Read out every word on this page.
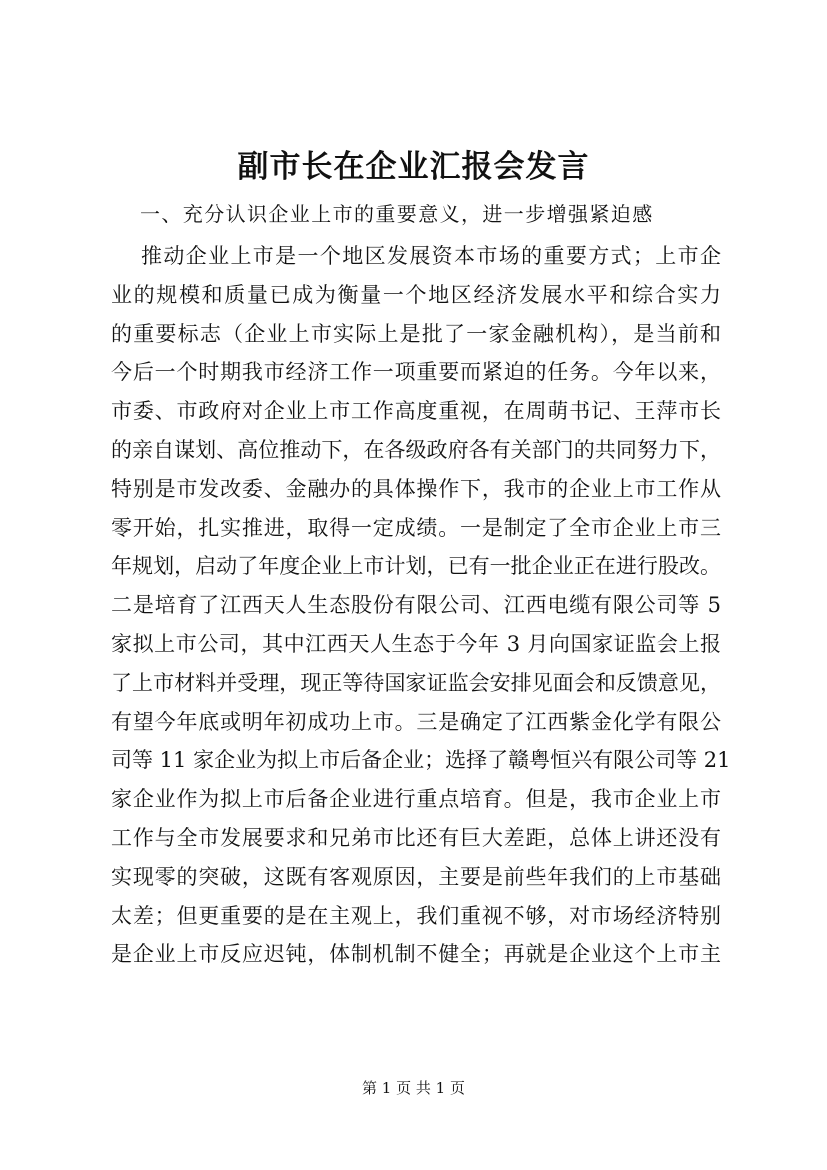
副市长在企业汇报会发言
一、充分认识企业上市的重要意义，进一步增强紧迫感
推动企业上市是一个地区发展资本市场的重要方式；上市企
业的规模和质量已成为衡量一个地区经济发展水平和综合实力
的重要标志（企业上市实际上是批了一家金融机构），是当前和
今后一个时期我市经济工作一项重要而紧迫的任务。今年以来，
市委、市政府对企业上市工作高度重视，在周萌书记、王萍市长
的亲自谋划、高位推动下，在各级政府各有关部门的共同努力下，
特别是市发改委、金融办的具体操作下，我市的企业上市工作从
零开始，扎实推进，取得一定成绩。一是制定了全市企业上市三
年规划，启动了年度企业上市计划，已有一批企业正在进行股改。
二是培育了江西天人生态股份有限公司、江西电缆有限公司等 5
家拟上市公司，其中江西天人生态于今年 3 月向国家证监会上报
了上市材料并受理，现正等待国家证监会安排见面会和反馈意见，
有望今年底或明年初成功上市。三是确定了江西紫金化学有限公
司等 11 家企业为拟上市后备企业；选择了赣粤恒兴有限公司等 21
家企业作为拟上市后备企业进行重点培育。但是，我市企业上市
工作与全市发展要求和兄弟市比还有巨大差距，总体上讲还没有
实现零的突破，这既有客观原因，主要是前些年我们的上市基础
太差；但更重要的是在主观上，我们重视不够，对市场经济特别
是企业上市反应迟钝，体制机制不健全；再就是企业这个上市主
第 1 页 共 1 页
